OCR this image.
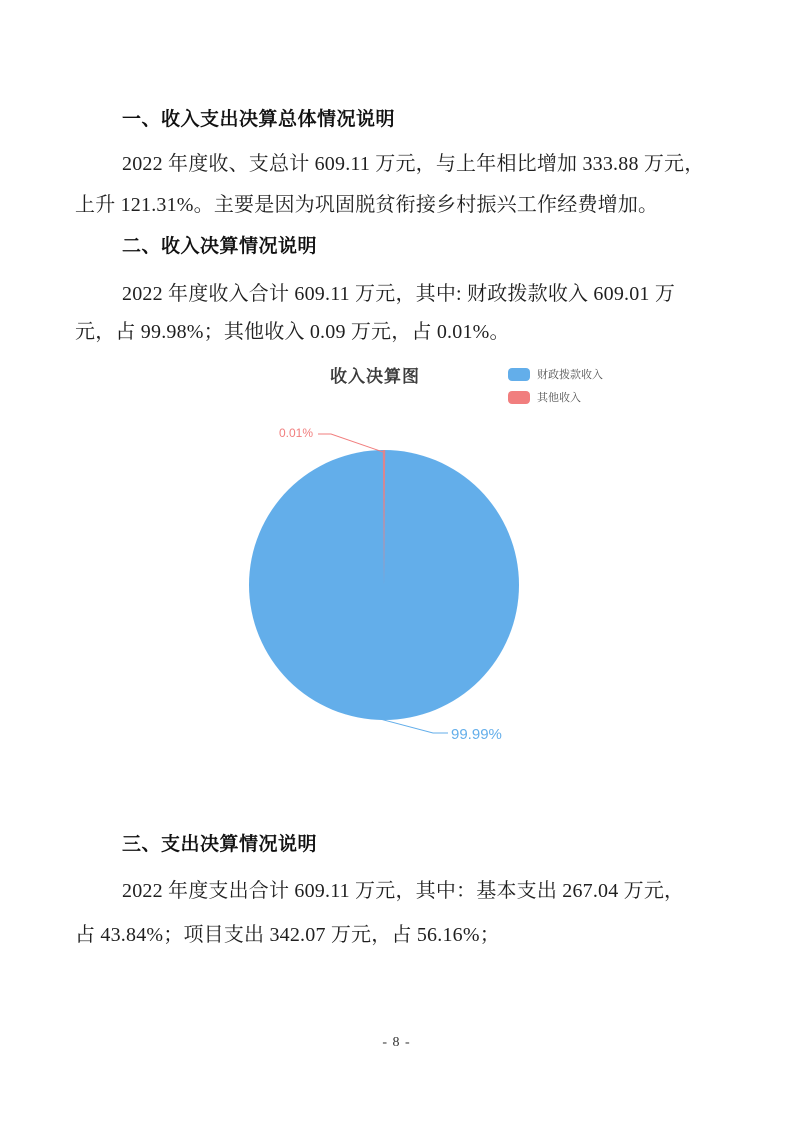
一、收入支出决算总体情况说明
2022 年度收、支总计 609.11 万元，与上年相比增加 333.88 万元，
上升 121.31%。主要是因为巩固脱贫衔接乡村振兴工作经费增加。
二、收入决算情况说明
2022 年度收入合计 609.11 万元，其中: 财政拨款收入 609.01 万
元，占 99.98%；其他收入 0.09 万元，占 0.01%。
收入决算图	财政拨款收入
其他收入
0.01%
99.99%
三、支出决算情况说明
2022 年度支出合计 609.11 万元，其中：基本支出 267.04 万元，
占 43.84%；项目支出 342.07 万元，占 56.16%；
- 8 -
